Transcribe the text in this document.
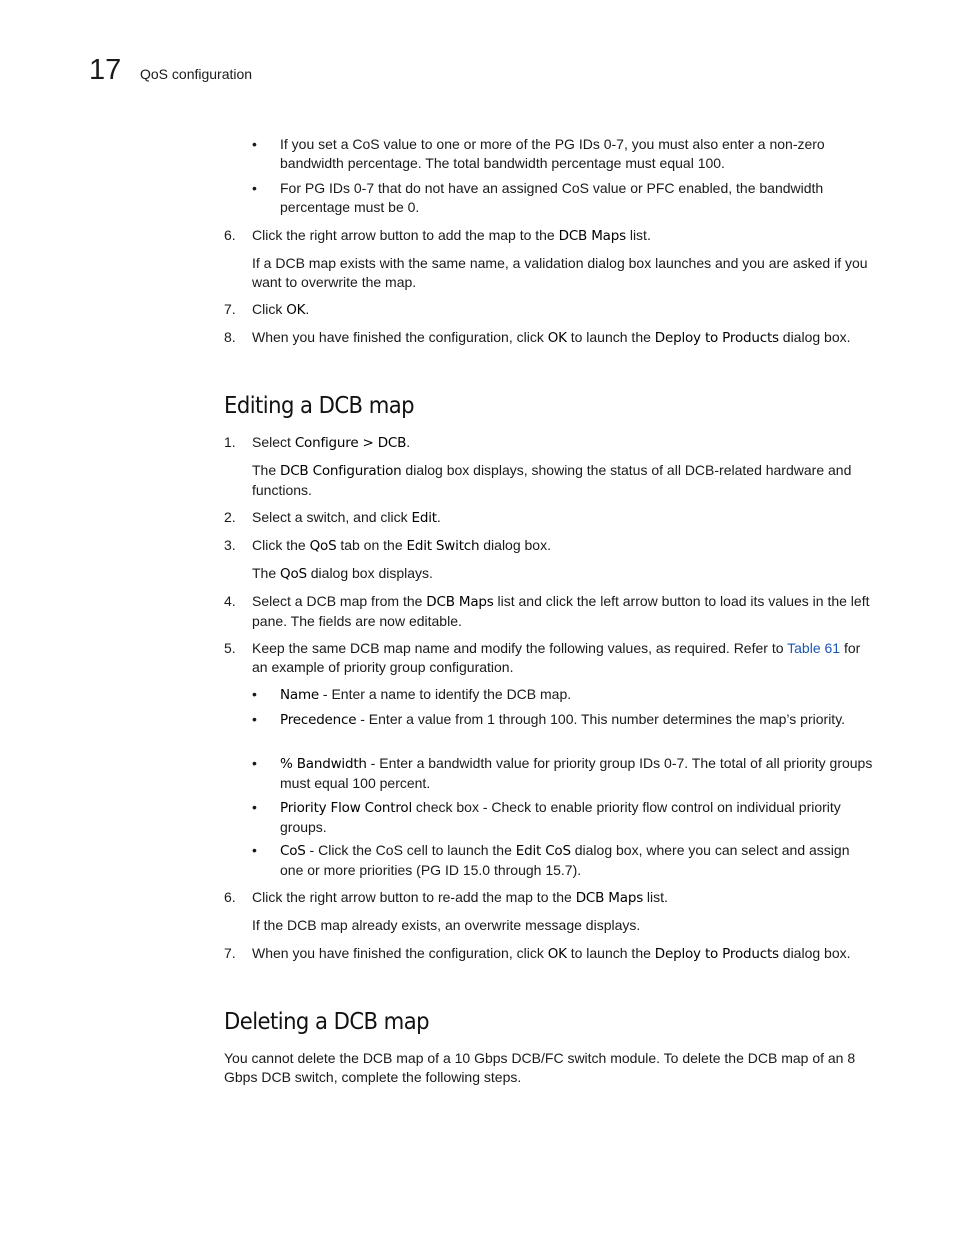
17 QoS configuration
• If you set a CoS value to one or more of the PG IDs 0-7, you must also enter a non-zero bandwidth percentage. The total bandwidth percentage must equal 100.
• For PG IDs 0-7 that do not have an assigned CoS value or PFC enabled, the bandwidth percentage must be 0.
6. Click the right arrow button to add the map to the DCB Maps list.
If a DCB map exists with the same name, a validation dialog box launches and you are asked if you want to overwrite the map.
7. Click OK.
8. When you have finished the configuration, click OK to launch the Deploy to Products dialog box.
Editing a DCB map
1. Select Configure > DCB.
The DCB Configuration dialog box displays, showing the status of all DCB-related hardware and functions.
2. Select a switch, and click Edit.
3. Click the QoS tab on the Edit Switch dialog box.
The QoS dialog box displays.
4. Select a DCB map from the DCB Maps list and click the left arrow button to load its values in the left pane. The fields are now editable.
5. Keep the same DCB map name and modify the following values, as required. Refer to Table 61 for an example of priority group configuration.
• Name - Enter a name to identify the DCB map.
• Precedence - Enter a value from 1 through 100. This number determines the map’s priority.
• % Bandwidth - Enter a bandwidth value for priority group IDs 0-7. The total of all priority groups must equal 100 percent.
• Priority Flow Control check box - Check to enable priority flow control on individual priority groups.
• CoS - Click the CoS cell to launch the Edit CoS dialog box, where you can select and assign one or more priorities (PG ID 15.0 through 15.7).
6. Click the right arrow button to re-add the map to the DCB Maps list.
If the DCB map already exists, an overwrite message displays.
7. When you have finished the configuration, click OK to launch the Deploy to Products dialog box.
Deleting a DCB map
You cannot delete the DCB map of a 10 Gbps DCB/FC switch module. To delete the DCB map of an 8 Gbps DCB switch, complete the following steps.
